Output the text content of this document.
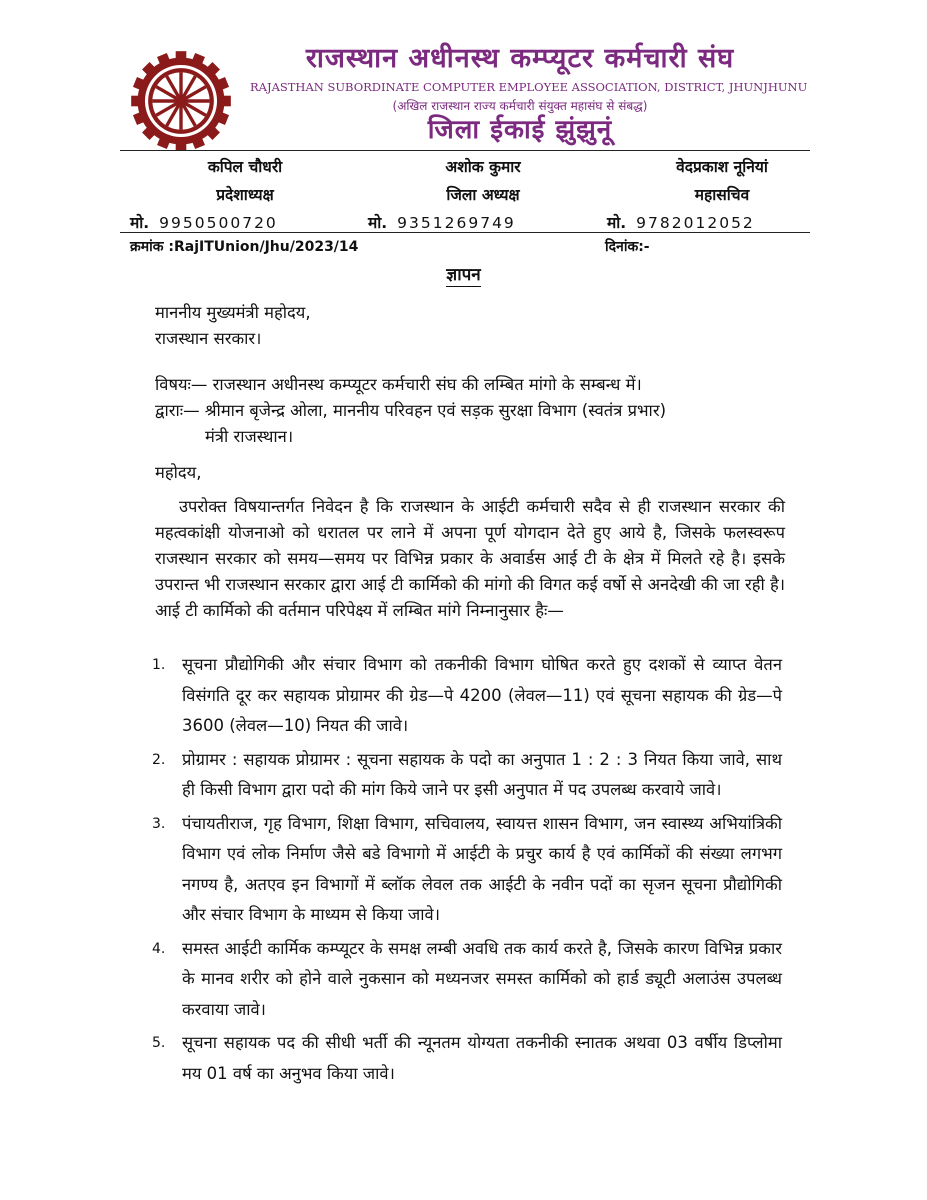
राजस्थान अधीनस्थ कम्प्यूटर कर्मचारी संघ
RAJASTHAN SUBORDINATE COMPUTER EMPLOYEE ASSOCIATION, DISTRICT, JHUNJHUNU
(अखिल राजस्थान राज्य कर्मचारी संयुक्त महासंघ से संबद्ध)
जिला ईकाई झुंझुनूं
कपिल चौधरी
प्रदेशाध्यक्ष
मो. 9950500720
अशोक कुमार
जिला अध्यक्ष
मो. 9351269749
वेदप्रकाश नूनियां
महासचिव
मो. 9782012052
क्रमांक :RajITUnion/Jhu/2023/14	दिनांक:-
ज्ञापन
माननीय मुख्यमंत्री महोदय,
राजस्थान सरकार।
विषयः— राजस्थान अधीनस्थ कम्प्यूटर कर्मचारी संघ की लम्बित मांगो के सम्बन्ध में।
द्वाराः— श्रीमान बृजेन्द्र ओला, माननीय परिवहन एवं सड़क सुरक्षा विभाग (स्वतंत्र प्रभार)
मंत्री राजस्थान।
महोदय,
उपरोक्त विषयान्तर्गत निवेदन है कि राजस्थान के आईटी कर्मचारी सदैव से ही राजस्थान सरकार की महत्वकांक्षी योजनाओ को धरातल पर लाने में अपना पूर्ण योगदान देते हुए आये है, जिसके फलस्वरूप राजस्थान सरकार को समय—समय पर विभिन्न प्रकार के अवार्डस आई टी के क्षेत्र में मिलते रहे है। इसके उपरान्त भी राजस्थान सरकार द्वारा आई टी कार्मिको की मांगो की विगत कई वर्षो से अनदेखी की जा रही है। आई टी कार्मिको की वर्तमान परिपेक्ष्य में लम्बित मांगे निम्नानुसार हैः—
1. सूचना प्रौद्योगिकी और संचार विभाग को तकनीकी विभाग घोषित करते हुए दशकों से व्याप्त वेतन विसंगति दूर कर सहायक प्रोग्रामर की ग्रेड—पे 4200 (लेवल—11) एवं सूचना सहायक की ग्रेड—पे 3600 (लेवल—10) नियत की जावे।
2. प्रोग्रामर : सहायक प्रोग्रामर : सूचना सहायक के पदो का अनुपात 1 : 2 : 3 नियत किया जावे, साथ ही किसी विभाग द्वारा पदो की मांग किये जाने पर इसी अनुपात में पद उपलब्ध करवाये जावे।
3. पंचायतीराज, गृह विभाग, शिक्षा विभाग, सचिवालय, स्वायत्त शासन विभाग, जन स्वास्थ्य अभियांत्रिकी विभाग एवं लोक निर्माण जैसे बडे विभागो में आईटी के प्रचुर कार्य है एवं कार्मिकों की संख्या लगभग नगण्य है, अतएव इन विभागों में ब्लॉक लेवल तक आईटी के नवीन पदों का सृजन सूचना प्रौद्योगिकी और संचार विभाग के माध्यम से किया जावे।
4. समस्त आईटी कार्मिक कम्प्यूटर के समक्ष लम्बी अवधि तक कार्य करते है, जिसके कारण विभिन्न प्रकार के मानव शरीर को होने वाले नुकसान को मध्यनजर समस्त कार्मिको को हार्ड ड्यूटी अलाउंस उपलब्ध करवाया जावे।
5. सूचना सहायक पद की सीधी भर्ती की न्यूनतम योग्यता तकनीकी स्नातक अथवा 03 वर्षीय डिप्लोमा मय 01 वर्ष का अनुभव किया जावे।
